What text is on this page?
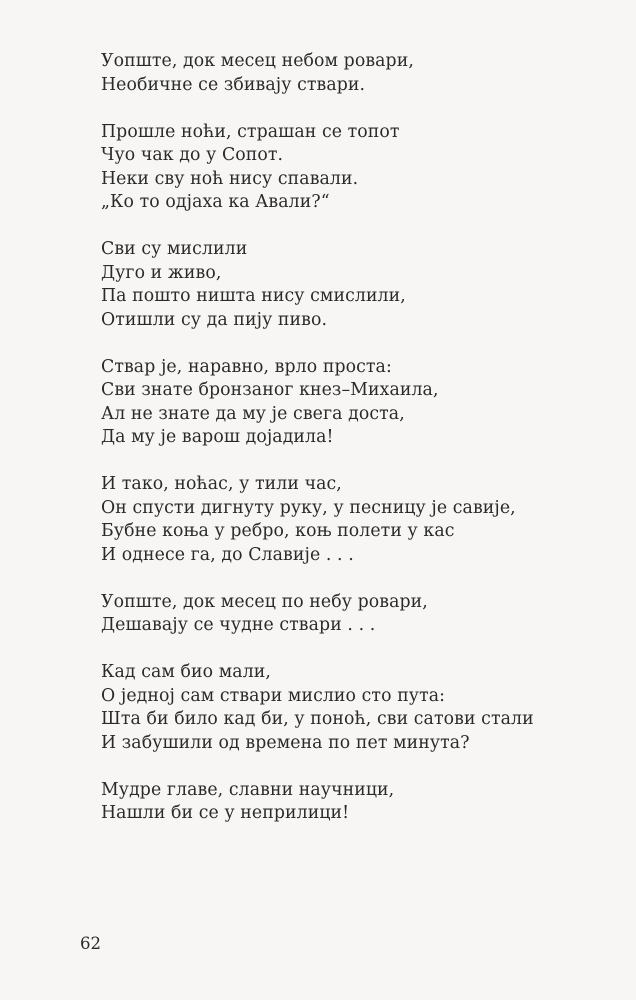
Уопште, док месец небом ровари,
Необичне се збивају ствари.
Прошле ноћи, страшан се топот
Чуо чак до у Сопот.
Неки сву ноћ нису спавали.
„Ко то одјаха ка Авали?“
Сви су мислили
Дуго и живо,
Па пошто ништа нису смислили,
Отишли су да пију пиво.
Ствар је, наравно, врло проста:
Сви знате бронзаног кнез–Михаила,
Ал не знате да му је свега доста,
Да му је варош дојадила!
И тако, ноћас, у тили час,
Он спусти дигнуту руку, у песницу је савије,
Бубне коња у ребро, коњ полети у кас
И однесе га, до Славије . . .
Уопште, док месец по небу ровари,
Дешавају се чудне ствари . . .
Кад сам био мали,
О једној сам ствари мислио сто пута:
Шта би било кад би, у поноћ, сви сатови стали
И забушили од времена по пет минута?
Мудре главе, славни научници,
Нашли би се у неприлици!
62
